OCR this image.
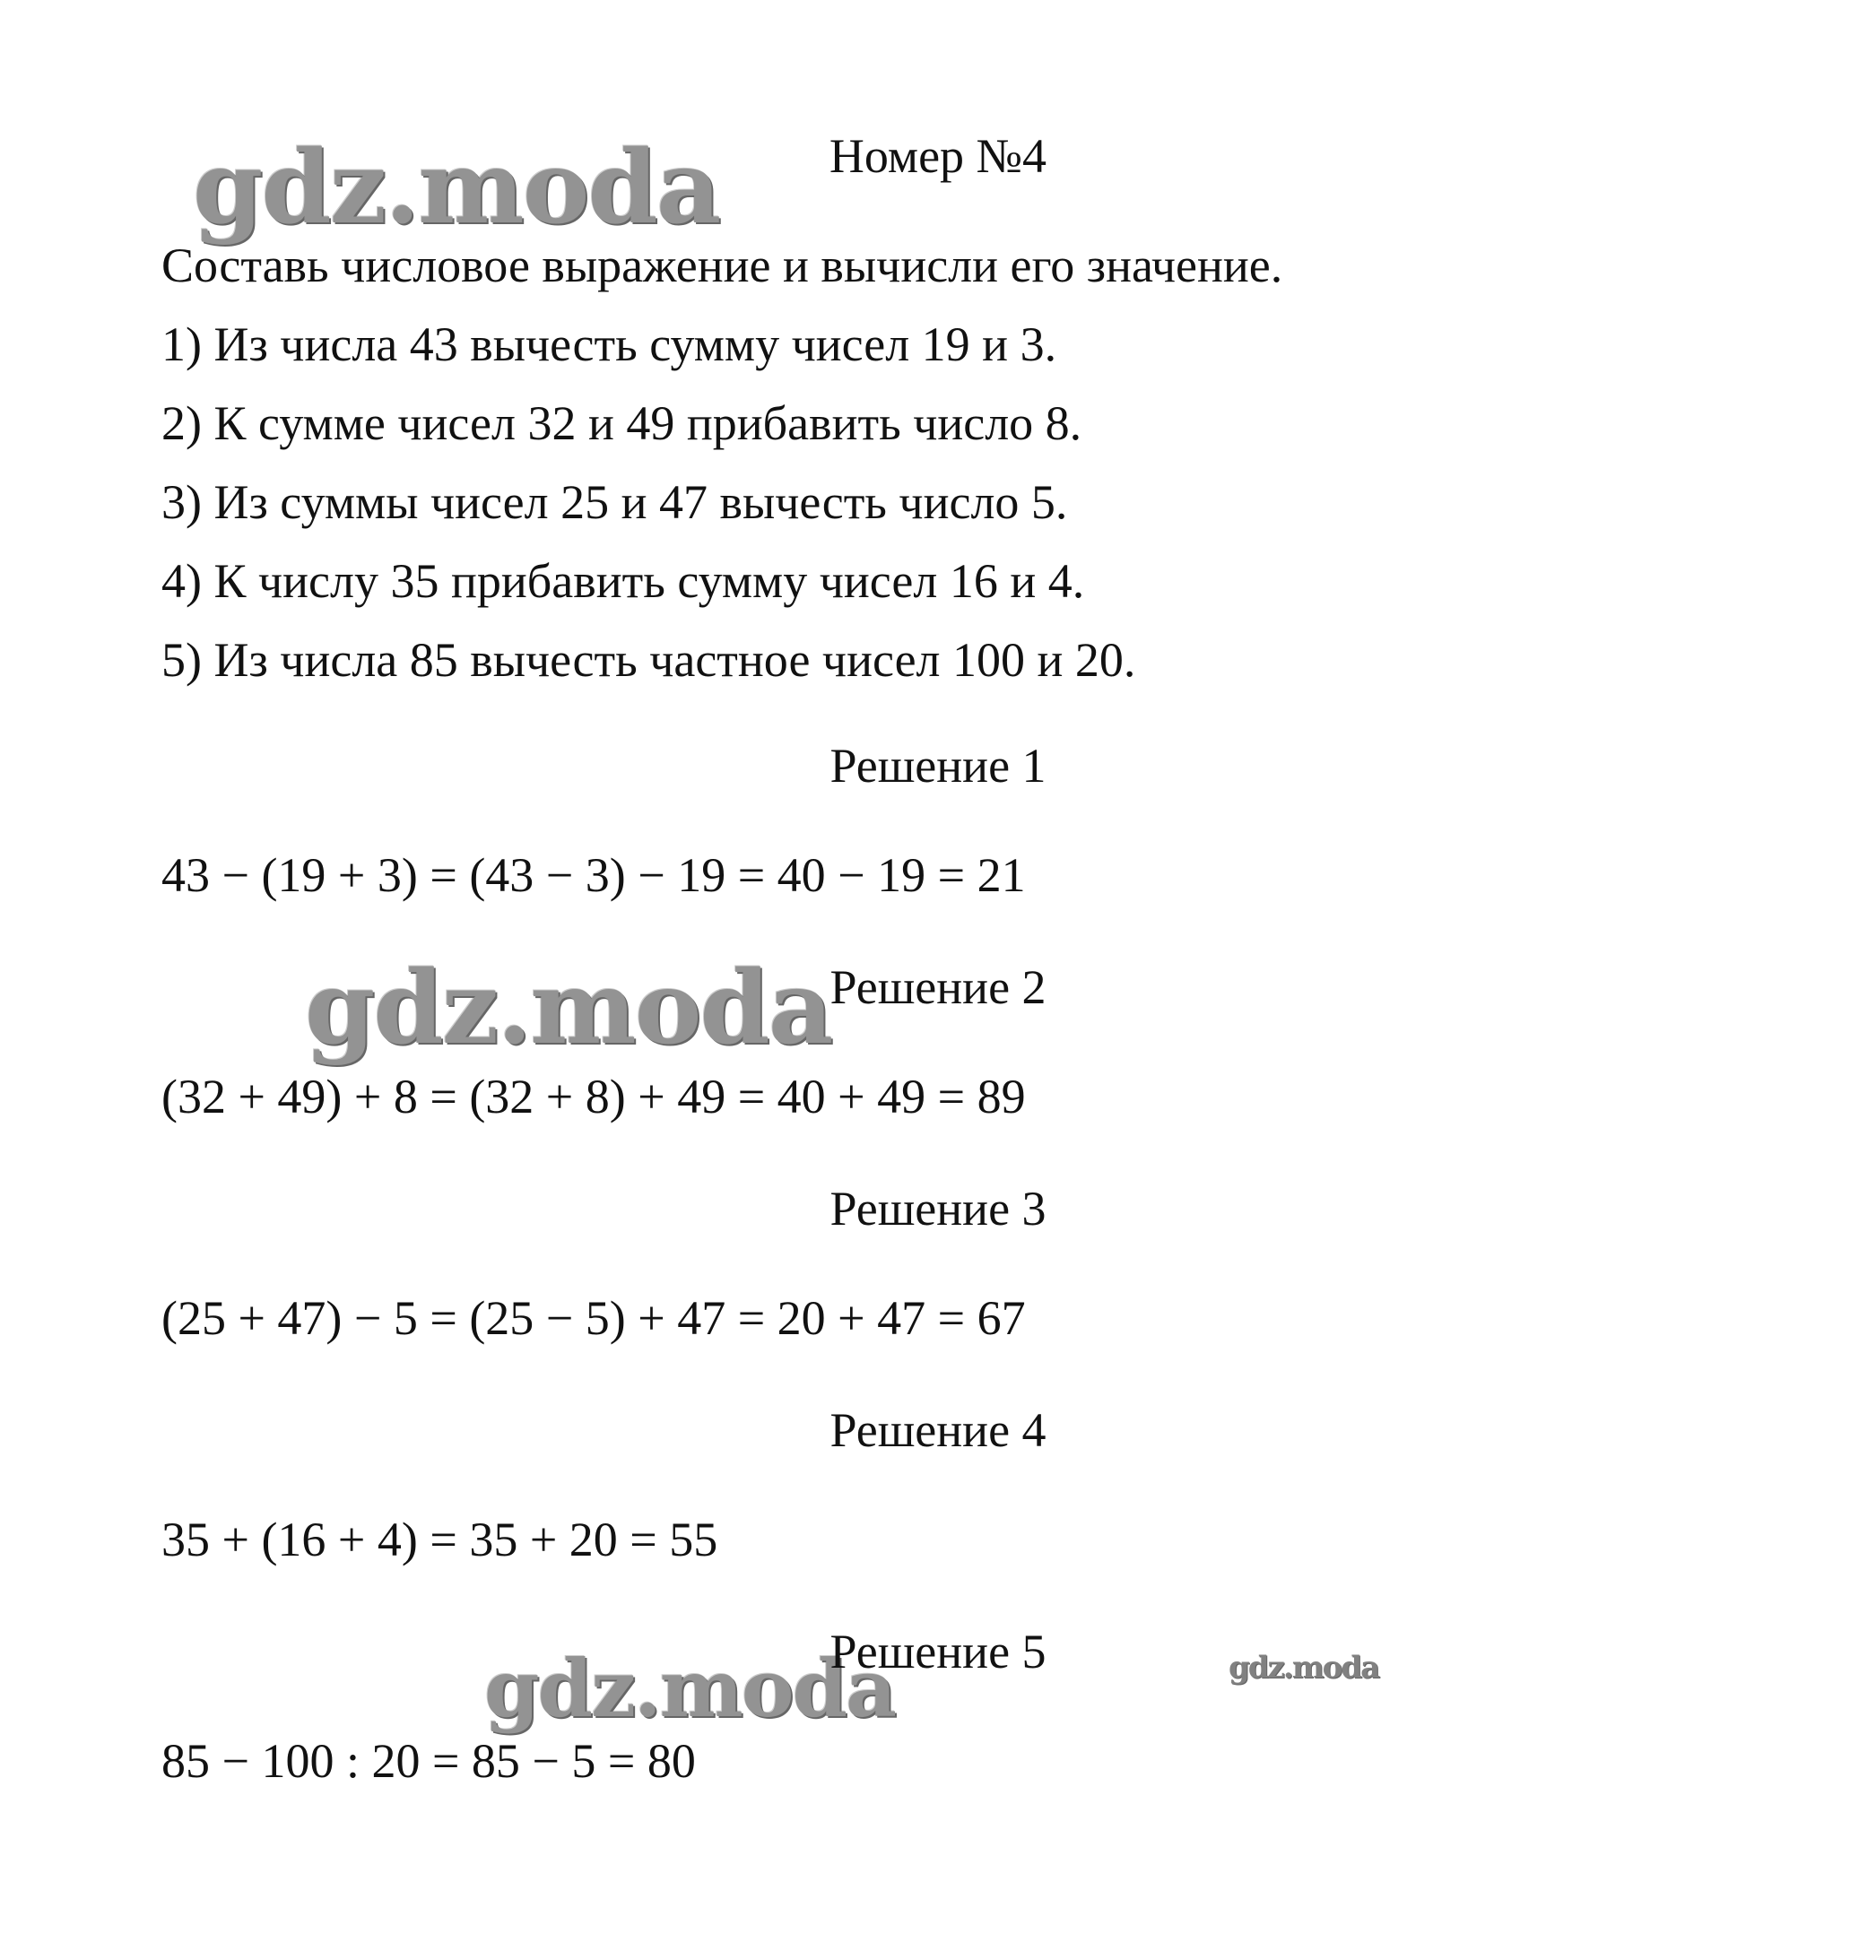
gdz.moda
gdz.moda
gdz.moda	gdz.moda
Номер №4
Составь числовое выражение и вычисли его значение.
1) Из числа 43 вычесть сумму чисел 19 и 3.
2) К сумме чисел 32 и 49 прибавить число 8.
3) Из суммы чисел 25 и 47 вычесть число 5.
4) К числу 35 прибавить сумму чисел 16 и 4.
5) Из числа 85 вычесть частное чисел 100 и 20.
Решение 1
43 − (19 + 3) = (43 − 3) − 19 = 40 − 19 = 21
Решение 2
(32 + 49) + 8 = (32 + 8) + 49 = 40 + 49 = 89
Решение 3
(25 + 47) − 5 = (25 − 5) + 47 = 20 + 47 = 67
Решение 4
35 + (16 + 4) = 35 + 20 = 55
Решение 5
85 − 100 : 20 = 85 − 5 = 80
